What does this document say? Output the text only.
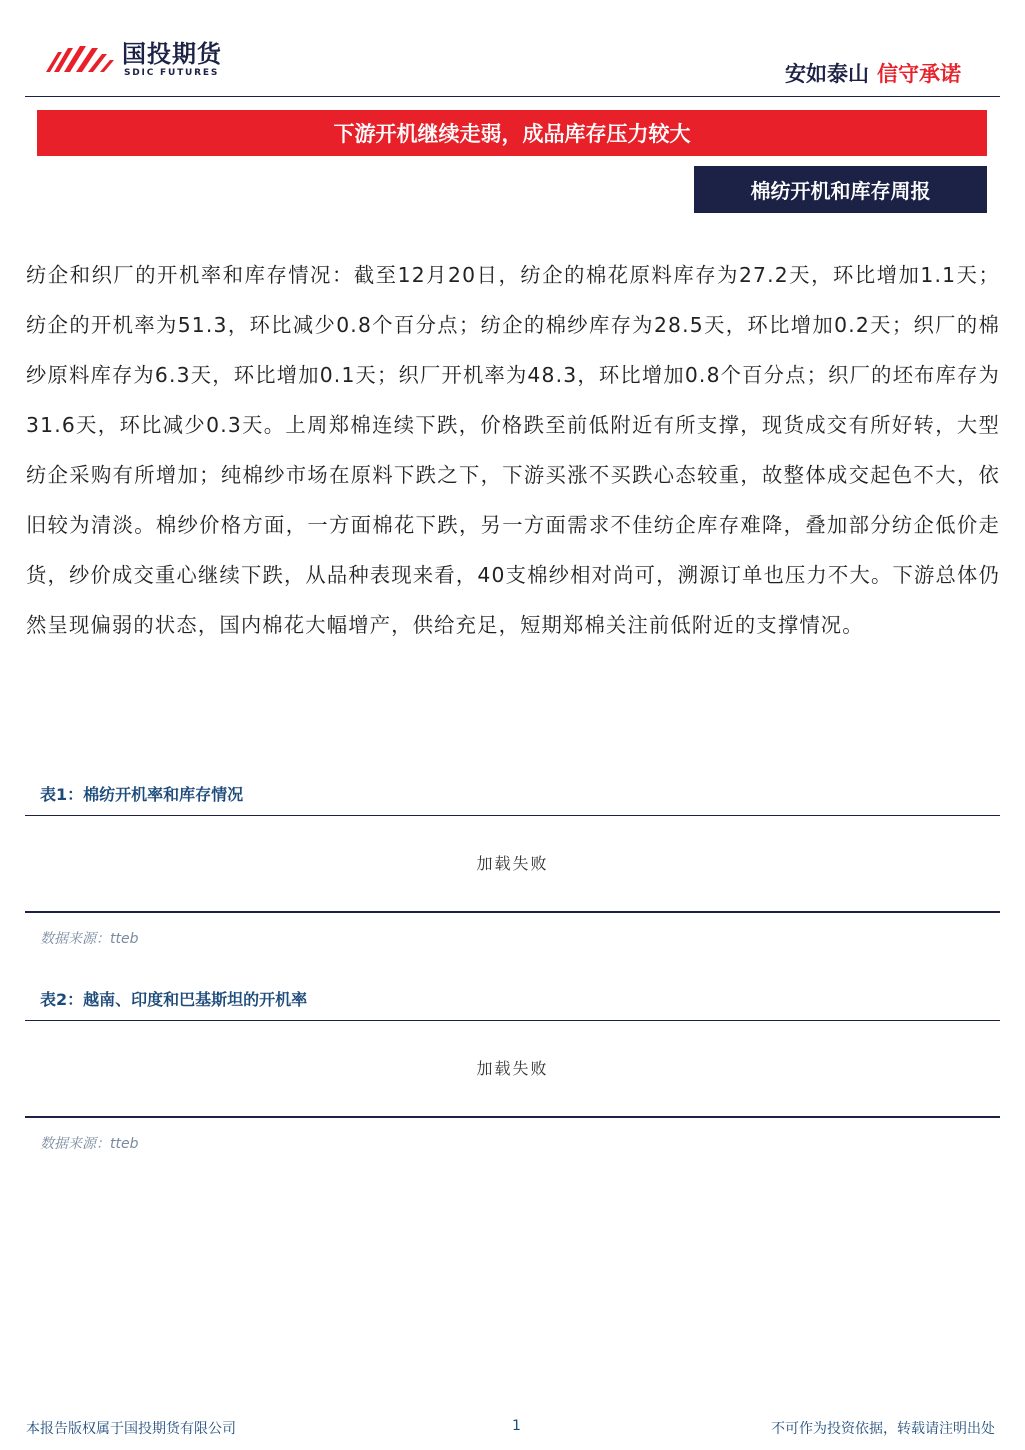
国投期货
SDIC FUTURES	安如泰山 信守承诺
下游开机继续走弱，成品库存压力较大
棉纺开机和库存周报
纺企和织厂的开机率和库存情况：截至12月20日，纺企的棉花原料库存为27.2天，环比增加1.1天；纺企的开机率为51.3，环比减少0.8个百分点；纺企的棉纱库存为28.5天，环比增加0.2天；织厂的棉纱原料库存为6.3天，环比增加0.1天；织厂开机率为48.3，环比增加0.8个百分点；织厂的坯布库存为31.6天，环比减少0.3天。上周郑棉连续下跌，价格跌至前低附近有所支撑，现货成交有所好转，大型纺企采购有所增加；纯棉纱市场在原料下跌之下，下游买涨不买跌心态较重，故整体成交起色不大，依旧较为清淡。棉纱价格方面，一方面棉花下跌，另一方面需求不佳纺企库存难降，叠加部分纺企低价走货，纱价成交重心继续下跌，从品种表现来看，40支棉纱相对尚可，溯源订单也压力不大。下游总体仍然呈现偏弱的状态，国内棉花大幅增产，供给充足，短期郑棉关注前低附近的支撑情况。
表1：棉纺开机率和库存情况
加载失败
数据来源：tteb
表2：越南、印度和巴基斯坦的开机率
加载失败
数据来源：tteb
本报告版权属于国投期货有限公司	1	不可作为投资依据，转载请注明出处
